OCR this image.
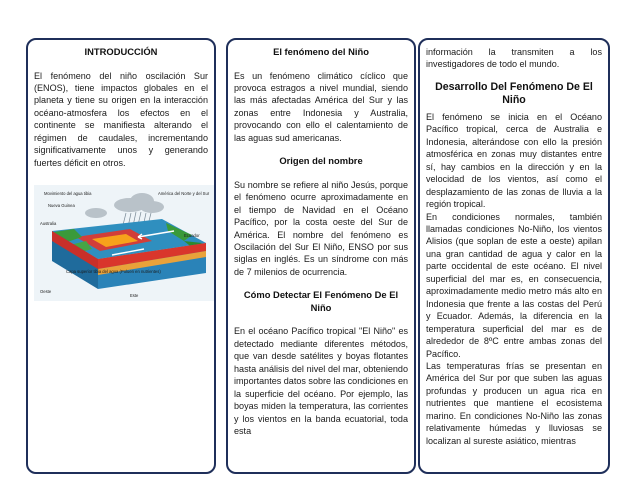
INTRODUCCIÓN

El fenómeno del niño oscilación Sur (ENOS), tiene impactos globales en el planeta y tiene su origen en la interacción océano-atmosfera los efectos en el continente se manifiesta alterando el régimen de caudales, incrementando significativamente unos y generando fuertes déficit en otros.

Movimiento del agua tibia
Australia
Nueva Guinea
América del Norte y del Sur
Ecuador
Capa superior tibia del agua (Poluen en nutrientes)
Oeste
Este
El fenómeno del Niño

Es un fenómeno climático cíclico que provoca estragos a nivel mundial, siendo las más afectadas América del Sur y las zonas entre Indonesia y Australia, provocando con ello el calentamiento de las aguas sud americanas.

Origen del nombre

Su nombre se refiere al niño Jesús, porque el fenómeno ocurre aproximadamente en el tiempo de Navidad en el Océano Pacífico, por la costa oeste del Sur de América. El nombre del fenómeno es Oscilación del Sur El Niño, ENSO por sus siglas en inglés. Es un síndrome con más de 7 milenios de ocurrencia.

Cómo Detectar El Fenómeno De El Niño

En el océano Pacífico tropical "El Niño" es detectado mediante diferentes métodos, que van desde satélites y boyas flotantes hasta análisis del nivel del mar, obteniendo importantes datos sobre las condiciones en la superficie del océano. Por ejemplo, las boyas miden la temperatura, las corrientes y los vientos en la banda ecuatorial, toda esta

información la transmiten a los investigadores de todo el mundo.

Desarrollo Del Fenómeno De El Niño

El fenómeno se inicia en el Océano Pacífico tropical, cerca de Australia e Indonesia, alterándose con ello la presión atmosférica en zonas muy distantes entre sí, hay cambios en la dirección y en la velocidad de los vientos, así como el desplazamiento de las zonas de lluvia a la región tropical.

En condiciones normales, también llamadas condiciones No-Niño, los vientos Alisios (que soplan de este a oeste) apilan una gran cantidad de agua y calor en la parte occidental de este océano. El nivel superficial del mar es, en consecuencia, aproximadamente medio metro más alto en Indonesia que frente a las costas del Perú y Ecuador. Además, la diferencia en la temperatura superficial del mar es de alrededor de 8ºC entre ambas zonas del Pacífico.

Las temperaturas frías se presentan en América del Sur por que suben las aguas profundas y producen un agua rica en nutrientes que mantiene el ecosistema marino. En condiciones No-Niño las zonas relativamente húmedas y lluviosas se localizan al sureste asiático, mientras
